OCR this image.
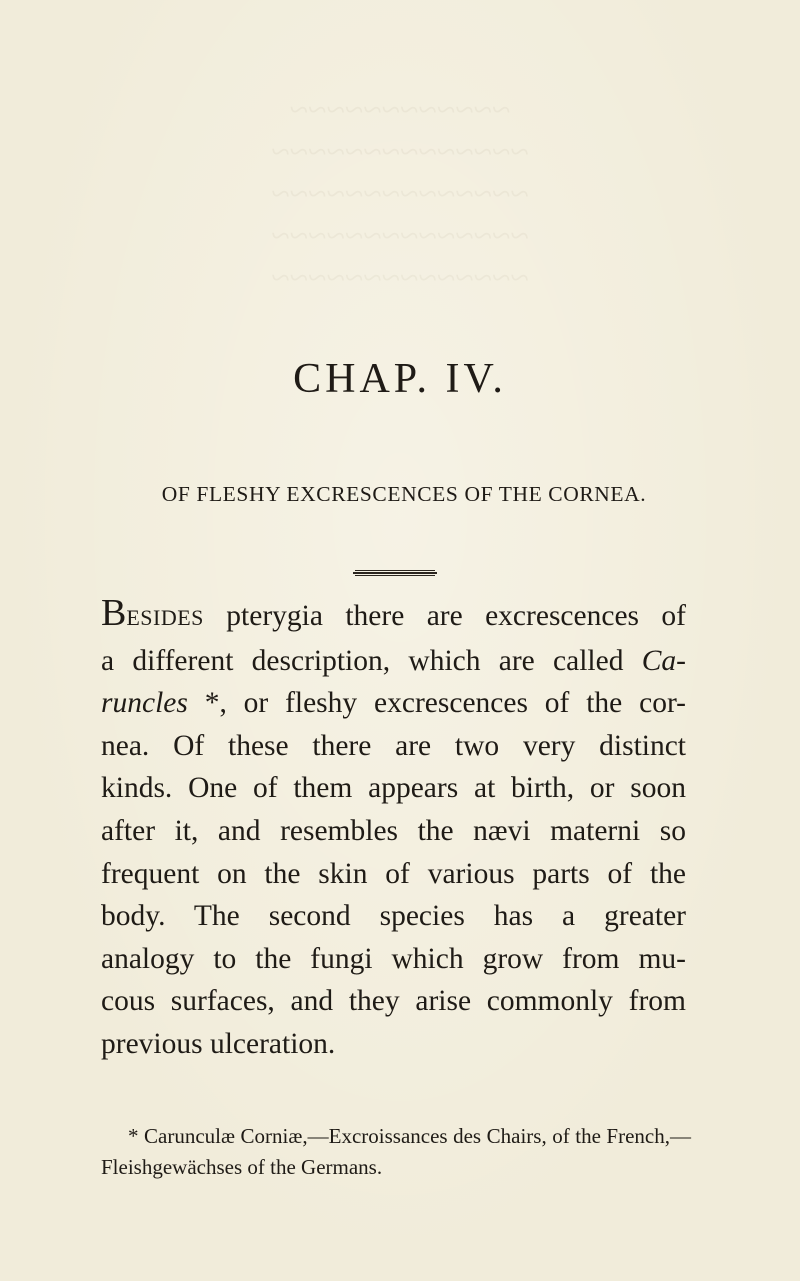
~~~~~~~~~~~~
~~~~~~~~~~~~~~
~~~~~~~~~~~~~~
~~~~~~~~~~~~~~
~~~~~~~~~~~~~~
CHAP. IV.

OF FLESHY EXCRESCENCES OF THE CORNEA.

BESIDES pterygia there are excrescences of
a different description, which are called Ca-
runcles *, or fleshy excrescences of the cor-
nea. Of these there are two very distinct
kinds. One of them appears at birth, or soon
after it, and resembles the nævi materni so
frequent on the skin of various parts of the
body. The second species has a greater
analogy to the fungi which grow from mu-
cous surfaces, and they arise commonly from
previous ulceration.

* Carunculæ Corniæ,—Excroissances des Chairs, of the French,—Fleishgewächses of the Germans.
